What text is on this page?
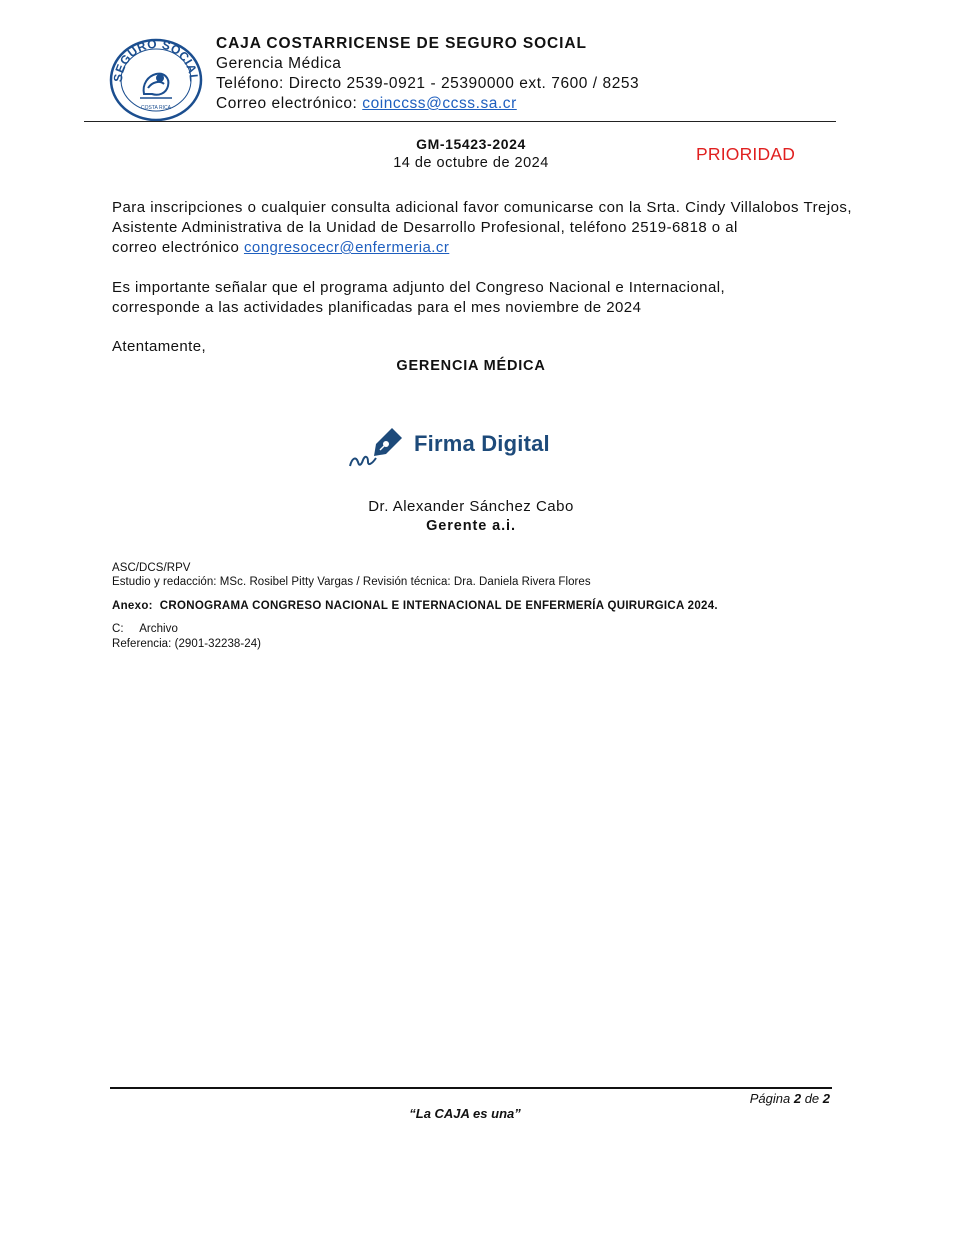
SEGURO SOCIAL
COSTA RICA
CAJA COSTARRICENSE DE SEGURO SOCIAL
Gerencia Médica
Teléfono: Directo 2539-0921 - 25390000 ext. 7600 / 8253
Correo electrónico: coinccss@ccss.sa.cr
GM-15423-2024
14 de octubre de 2024	PRIORIDAD
Para inscripciones o cualquier consulta adicional favor comunicarse con la Srta. Cindy Villalobos Trejos, Asistente Administrativa de la Unidad de Desarrollo Profesional, teléfono 2519-6818 o al
correo electrónico congresocecr@enfermeria.cr
Es importante señalar que el programa adjunto del Congreso Nacional e Internacional,
corresponde a las actividades planificadas para el mes noviembre de 2024
Atentamente,
GERENCIA MÉDICA
Firma Digital
Dr. Alexander Sánchez Cabo
Gerente a.i.
ASC/DCS/RPV
Estudio y redacción: MSc. Rosibel Pitty Vargas / Revisión técnica: Dra. Daniela Rivera Flores
Anexo: CRONOGRAMA CONGRESO NACIONAL E INTERNACIONAL DE ENFERMERÍA QUIRURGICA 2024.
C: Archivo
Referencia: (2901-32238-24)
Página 2 de 2
“La CAJA es una”
